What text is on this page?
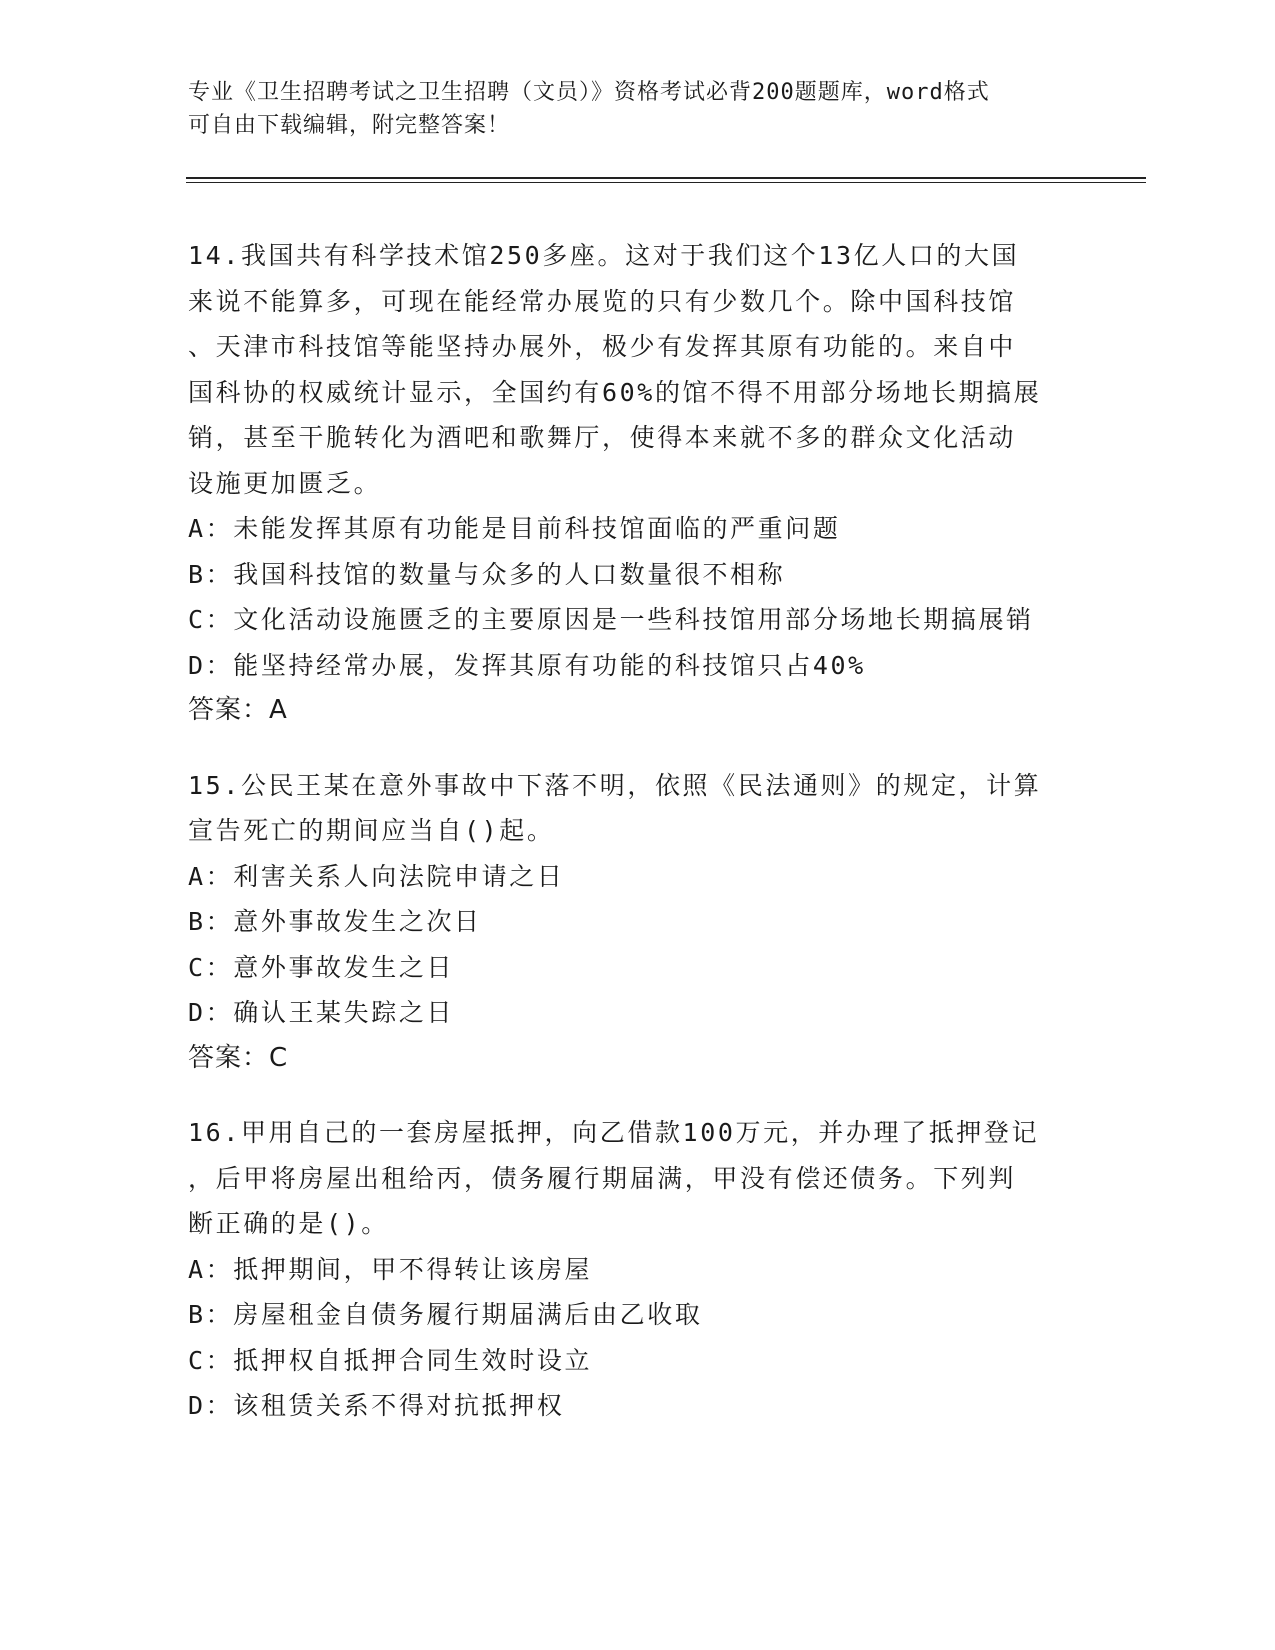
专业《卫生招聘考试之卫生招聘（文员）》资格考试必背200题题库，word格式
可自由下载编辑，附完整答案！

14.我国共有科学技术馆250多座。这对于我们这个13亿人口的大国
来说不能算多，可现在能经常办展览的只有少数几个。除中国科技馆
、天津市科技馆等能坚持办展外，极少有发挥其原有功能的。来自中
国科协的权威统计显示，全国约有60%的馆不得不用部分场地长期搞展
销，甚至干脆转化为酒吧和歌舞厅，使得本来就不多的群众文化活动
设施更加匮乏。

A：未能发挥其原有功能是目前科技馆面临的严重问题

B：我国科技馆的数量与众多的人口数量很不相称

C：文化活动设施匮乏的主要原因是一些科技馆用部分场地长期搞展销

D：能坚持经常办展，发挥其原有功能的科技馆只占40%

答案：A

15.公民王某在意外事故中下落不明，依照《民法通则》的规定，计算
宣告死亡的期间应当自()起。

A：利害关系人向法院申请之日

B：意外事故发生之次日

C：意外事故发生之日

D：确认王某失踪之日

答案：C

16.甲用自己的一套房屋抵押，向乙借款100万元，并办理了抵押登记
，后甲将房屋出租给丙，债务履行期届满，甲没有偿还债务。下列判
断正确的是()。

A：抵押期间，甲不得转让该房屋

B：房屋租金自债务履行期届满后由乙收取

C：抵押权自抵押合同生效时设立

D：该租赁关系不得对抗抵押权
